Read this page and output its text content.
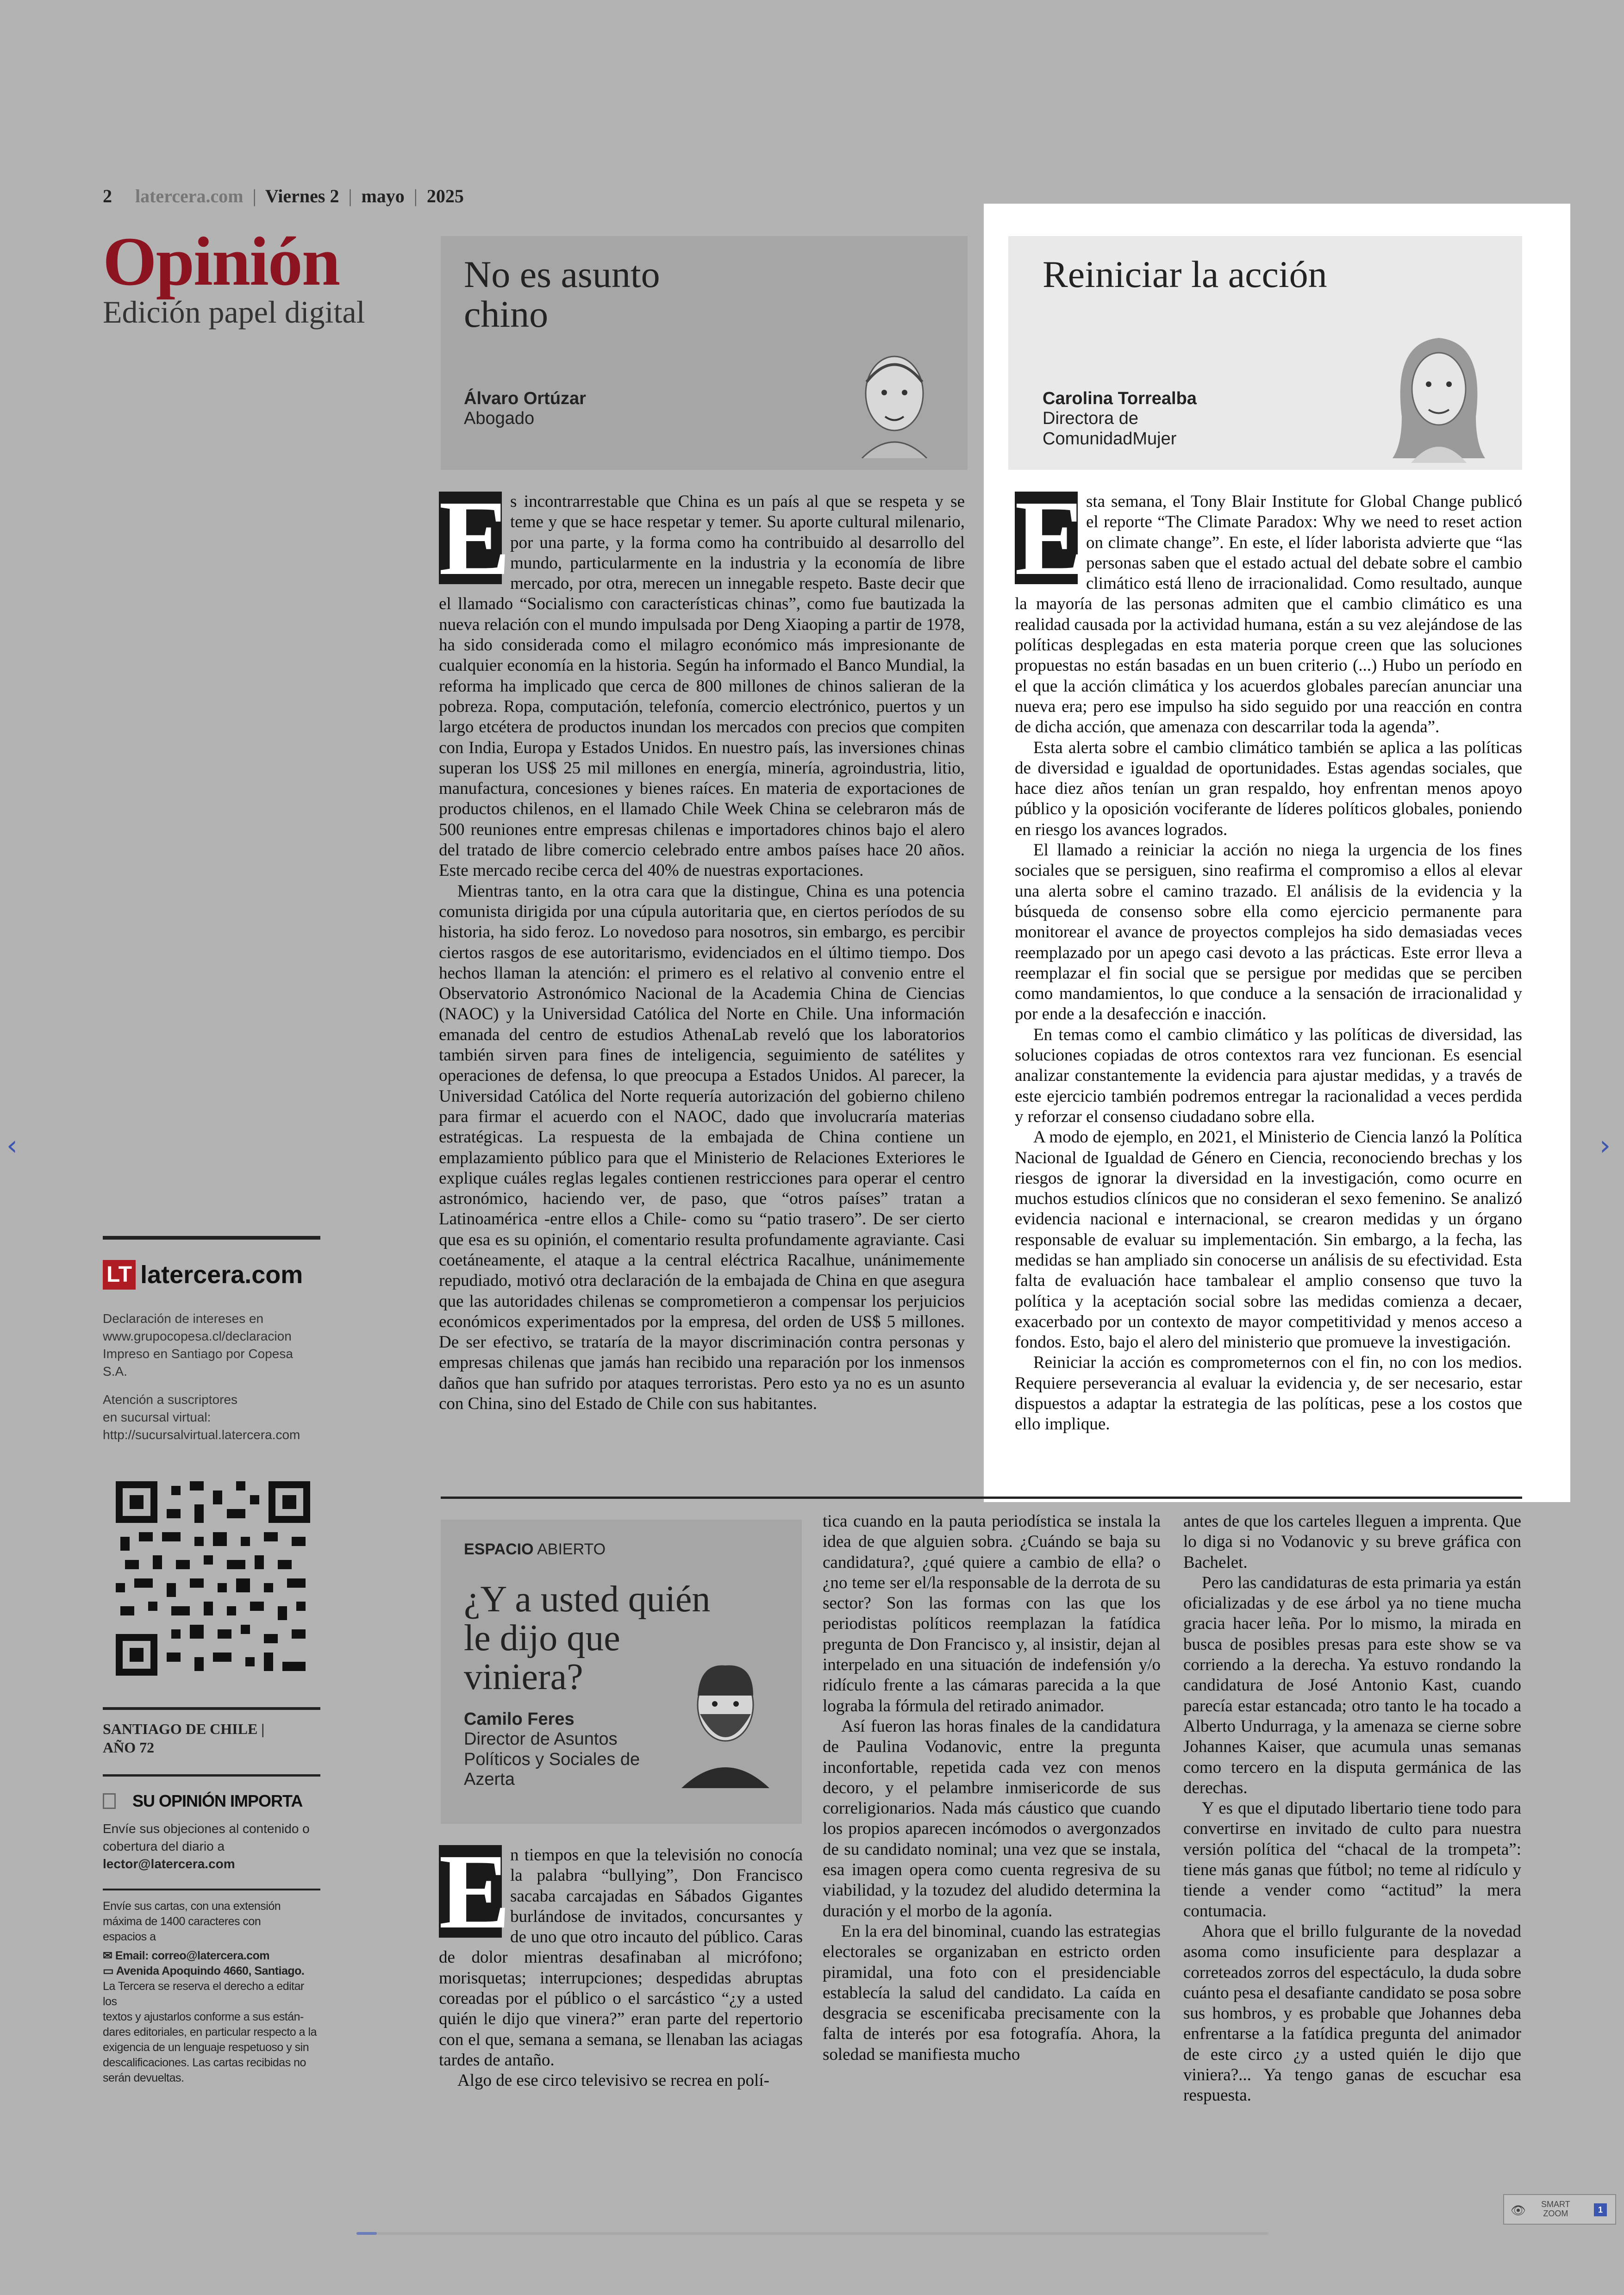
2 latercera.com | Viernes 2 | mayo | 2025
Opinión
Edición papel digital
No es asunto
chino
Álvaro Ortúzar
Abogado
Reiniciar la acción
Carolina Torrealba
Directora de
ComunidadMujer
E s incontrarrestable que China es un país al que se respeta y se teme y que se hace respetar y temer. Su aporte cultural milenario, por una parte, y la forma como ha contribuido al desarrollo del mundo, particularmente en la industria y la economía de libre mercado, por otra, merecen un innegable respeto. Baste decir que el llamado “Socialismo con características chinas”, como fue bautizada la nueva relación con el mundo impulsada por Deng Xiaoping a partir de 1978, ha sido considerada como el milagro económico más impresionante de cualquier economía en la historia. Según ha informado el Banco Mundial, la reforma ha implicado que cerca de 800 millones de chinos salieran de la pobreza. Ropa, computación, telefonía, comercio electrónico, puertos y un largo etcétera de productos inundan los mercados con precios que compiten con India, Europa y Estados Unidos. En nuestro país, las inversiones chinas superan los US$ 25 mil millones en energía, minería, agroindustria, litio, manufactura, concesiones y bienes raíces. En materia de exportaciones de productos chilenos, en el llamado Chile Week China se celebraron más de 500 reuniones entre empresas chilenas e importadores chinos bajo el alero del tratado de libre comercio celebrado entre ambos países hace 20 años. Este mercado recibe cerca del 40% de nuestras exportaciones.

Mientras tanto, en la otra cara que la distingue, China es una potencia comunista dirigida por una cúpula autoritaria que, en ciertos períodos de su historia, ha sido feroz. Lo novedoso para nosotros, sin embargo, es percibir ciertos rasgos de ese autoritarismo, evidenciados en el último tiempo. Dos hechos llaman la atención: el primero es el relativo al convenio entre el Observatorio Astronómico Nacional de la Academia China de Ciencias (NAOC) y la Universidad Católica del Norte en Chile. Una información emanada del centro de estudios AthenaLab reveló que los laboratorios también sirven para fines de inteligencia, seguimiento de satélites y operaciones de defensa, lo que preocupa a Estados Unidos. Al parecer, la Universidad Católica del Norte requería autorización del gobierno chileno para firmar el acuerdo con el NAOC, dado que involucraría materias estratégicas. La respuesta de la embajada de China contiene un emplazamiento público para que el Ministerio de Relaciones Exteriores le explique cuáles reglas legales contienen restricciones para operar el centro astronómico, haciendo ver, de paso, que “otros países” tratan a Latinoamérica -entre ellos a Chile- como su “patio trasero”. De ser cierto que esa es su opinión, el comentario resulta profundamente agraviante. Casi coetáneamente, el ataque a la central eléctrica Racalhue, unánimemente repudiado, motivó otra declaración de la embajada de China en que asegura que las autoridades chilenas se comprometieron a compensar los perjuicios económicos experimentados por la empresa, del orden de US$ 5 millones. De ser efectivo, se trataría de la mayor discriminación contra personas y empresas chilenas que jamás han recibido una reparación por los inmensos daños que han sufrido por ataques terroristas. Pero esto ya no es un asunto con China, sino del Estado de Chile con sus habitantes.

E sta semana, el Tony Blair Institute for Global Change publicó el reporte “The Climate Paradox: Why we need to reset action on climate change”. En este, el líder laborista advierte que “las personas saben que el estado actual del debate sobre el cambio climático está lleno de irracionalidad. Como resultado, aunque la mayoría de las personas admiten que el cambio climático es una realidad causada por la actividad humana, están a su vez alejándose de las políticas desplegadas en esta materia porque creen que las soluciones propuestas no están basadas en un buen criterio (...) Hubo un período en el que la acción climática y los acuerdos globales parecían anunciar una nueva era; pero ese impulso ha sido seguido por una reacción en contra de dicha acción, que amenaza con descarrilar toda la agenda”.

Esta alerta sobre el cambio climático también se aplica a las políticas de diversidad e igualdad de oportunidades. Estas agendas sociales, que hace diez años tenían un gran respaldo, hoy enfrentan menos apoyo público y la oposición vociferante de líderes políticos globales, poniendo en riesgo los avances logrados.

El llamado a reiniciar la acción no niega la urgencia de los fines sociales que se persiguen, sino reafirma el compromiso a ellos al elevar una alerta sobre el camino trazado. El análisis de la evidencia y la búsqueda de consenso sobre ella como ejercicio permanente para monitorear el avance de proyectos complejos ha sido demasiadas veces reemplazado por un apego casi devoto a las prácticas. Este error lleva a reemplazar el fin social que se persigue por medidas que se perciben como mandamientos, lo que conduce a la sensación de irracionalidad y por ende a la desafección e inacción.

En temas como el cambio climático y las políticas de diversidad, las soluciones copiadas de otros contextos rara vez funcionan. Es esencial analizar constantemente la evidencia para ajustar medidas, y a través de este ejercicio también podremos entregar la racionalidad a veces perdida y reforzar el consenso ciudadano sobre ella.

A modo de ejemplo, en 2021, el Ministerio de Ciencia lanzó la Política Nacional de Igualdad de Género en Ciencia, reconociendo brechas y los riesgos de ignorar la diversidad en la investigación, como ocurre en muchos estudios clínicos que no consideran el sexo femenino. Se analizó evidencia nacional e internacional, se crearon medidas y un órgano responsable de evaluar su implementación. Sin embargo, a la fecha, las medidas se han ampliado sin conocerse un análisis de su efectividad. Esta falta de evaluación hace tambalear el amplio consenso que tuvo la política y la aceptación social sobre las medidas comienza a decaer, exacerbado por un contexto de mayor competitividad y menos acceso a fondos. Esto, bajo el alero del ministerio que promueve la investigación.

Reiniciar la acción es comprometernos con el fin, no con los medios. Requiere perseverancia al evaluar la evidencia y, de ser necesario, estar dispuestos a adaptar la estrategia de las políticas, pese a los costos que ello implique.

ESPACIO ABIERTO
¿Y a usted quién
le dijo que
viniera?
Camilo Feres
Director de Asuntos
Políticos y Sociales de
Azerta
E n tiempos en que la televisión no conocía la palabra “bullying”, Don Francisco sacaba carcajadas en Sábados Gigantes burlándose de invitados, concursantes y de uno que otro incauto del público. Caras de dolor mientras desafinaban al micrófono; morisquetas; interrupciones; despedidas abruptas coreadas por el público o el sarcástico “¿y a usted quién le dijo que vinera?” eran parte del repertorio con el que, semana a semana, se llenaban las aciagas tardes de antaño.

Algo de ese circo televisivo se recrea en polí-

tica cuando en la pauta periodística se instala la idea de que alguien sobra. ¿Cuándo se baja su candidatura?, ¿qué quiere a cambio de ella? o ¿no teme ser el/la responsable de la derrota de su sector? Son las formas con las que los periodistas políticos reemplazan la fatídica pregunta de Don Francisco y, al insistir, dejan al interpelado en una situación de indefensión y/o ridículo frente a las cámaras parecida a la que lograba la fórmula del retirado animador.

Así fueron las horas finales de la candidatura de Paulina Vodanovic, entre la pregunta inconfortable, repetida cada vez con menos decoro, y el pelambre inmisericorde de sus correligionarios. Nada más cáustico que cuando los propios aparecen incómodos o avergonzados de su candidato nominal; una vez que se instala, esa imagen opera como cuenta regresiva de su viabilidad, y la tozudez del aludido determina la duración y el morbo de la agonía.

En la era del binominal, cuando las estrategias electorales se organizaban en estricto orden piramidal, una foto con el presidenciable establecía la salud del candidato. La caída en desgracia se escenificaba precisamente con la falta de interés por esa fotografía. Ahora, la soledad se manifiesta mucho

antes de que los carteles lleguen a imprenta. Que lo diga si no Vodanovic y su breve gráfica con Bachelet.

Pero las candidaturas de esta primaria ya están oficializadas y de ese árbol ya no tiene mucha gracia hacer leña. Por lo mismo, la mirada en busca de posibles presas para este show se va corriendo a la derecha. Ya estuvo rondando la candidatura de José Antonio Kast, cuando parecía estar estancada; otro tanto le ha tocado a Alberto Undurraga, y la amenaza se cierne sobre Johannes Kaiser, que acumula unas semanas como tercero en la disputa germánica de las derechas.

Y es que el diputado libertario tiene todo para convertirse en invitado de culto para nuestra versión política del “chacal de la trompeta”: tiene más ganas que fútbol; no teme al ridículo y tiende a vender como “actitud” la mera contumacia.

Ahora que el brillo fulgurante de la novedad asoma como insuficiente para desplazar a correteados zorros del espectáculo, la duda sobre cuánto pesa el desafiante candidato se posa sobre sus hombros, y es probable que Johannes deba enfrentarse a la fatídica pregunta del animador de este circo ¿y a usted quién le dijo que viniera?... Ya tengo ganas de escuchar esa respuesta.

LT latercera.com
Declaración de intereses en
www.grupocopesa.cl/declaracion
Impreso en Santiago por Copesa S.A.
Atención a suscriptores
en sucursal virtual:
http://sucursalvirtual.latercera.com
SANTIAGO DE CHILE |
AÑO 72
SU OPINIÓN IMPORTA
Envíe sus objeciones al contenido o
cobertura del diario a
lector@latercera.com
Envíe sus cartas, con una extensión
máxima de 1400 caracteres con
espacios a
✉ Email: correo@latercera.com
▭ Avenida Apoquindo 4660, Santiago.
La Tercera se reserva el derecho a editar los
textos y ajustarlos conforme a sus están-
dares editoriales, en particular respecto a la
exigencia de un lenguaje respetuoso y sin
descalificaciones. Las cartas recibidas no
serán devueltas.
‹	›
👁 SMART
ZOOM	1
